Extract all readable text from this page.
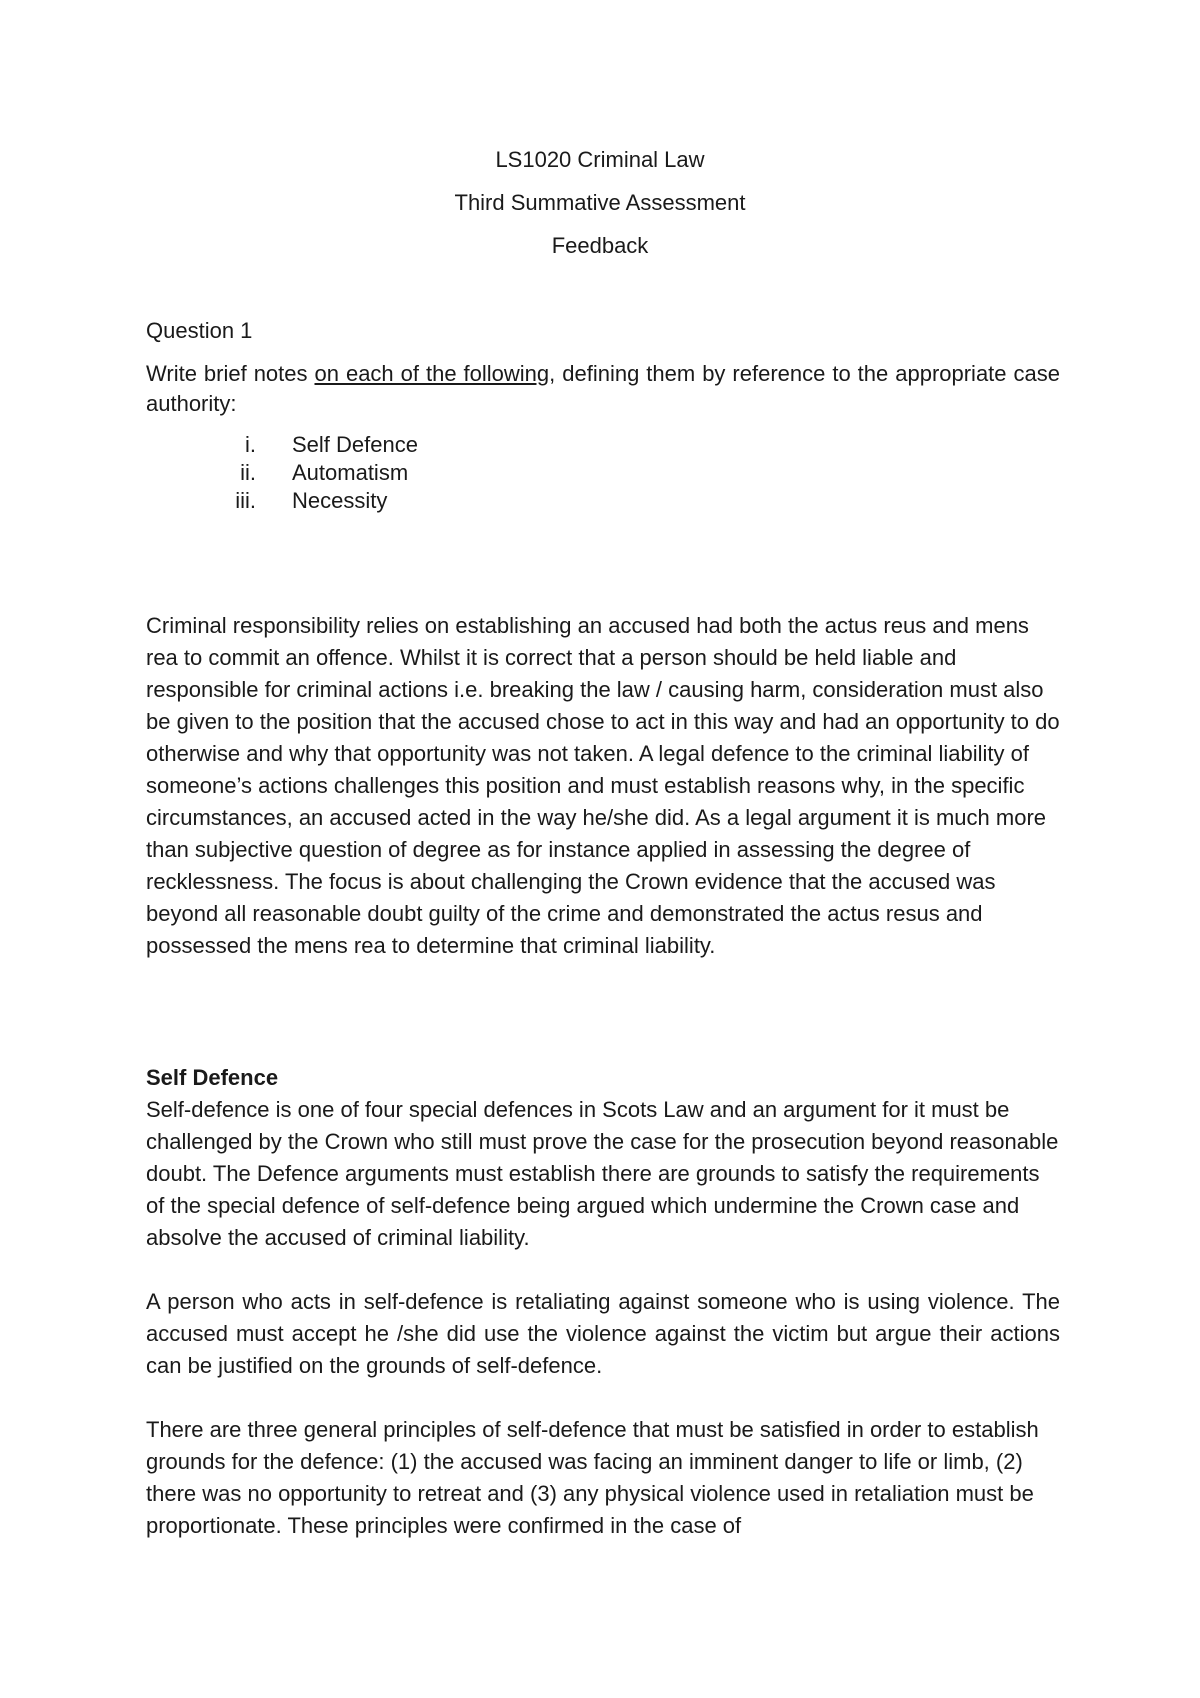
LS1020 Criminal Law
Third Summative Assessment
Feedback
Question 1
Write brief notes on each of the following, defining them by reference to the appropriate case authority:
i. Self Defence
ii. Automatism
iii. Necessity
Criminal responsibility relies on establishing an accused had both the actus reus and mens rea to commit an offence. Whilst it is correct that a person should be held liable and responsible for criminal actions i.e. breaking the law / causing harm, consideration must also be given to the position that the accused chose to act in this way and had an opportunity to do otherwise and why that opportunity was not taken. A legal defence to the criminal liability of someone’s actions challenges this position and must establish reasons why, in the specific circumstances, an accused acted in the way he/she did. As a legal argument it is much more than subjective question of degree as for instance applied in assessing the degree of recklessness. The focus is about challenging the Crown evidence that the accused was beyond all reasonable doubt guilty of the crime and demonstrated the actus resus and possessed the mens rea to determine that criminal liability.
Self Defence
Self-defence is one of four special defences in Scots Law and an argument for it must be challenged by the Crown who still must prove the case for the prosecution beyond reasonable doubt. The Defence arguments must establish there are grounds to satisfy the requirements of the special defence of self-defence being argued which undermine the Crown case and absolve the accused of criminal liability.
A person who acts in self-defence is retaliating against someone who is using violence. The accused must accept he /she did use the violence against the victim but argue their actions can be justified on the grounds of self-defence.
There are three general principles of self-defence that must be satisfied in order to establish grounds for the defence: (1) the accused was facing an imminent danger to life or limb, (2) there was no opportunity to retreat and (3) any physical violence used in retaliation must be proportionate. These principles were confirmed in the case of
